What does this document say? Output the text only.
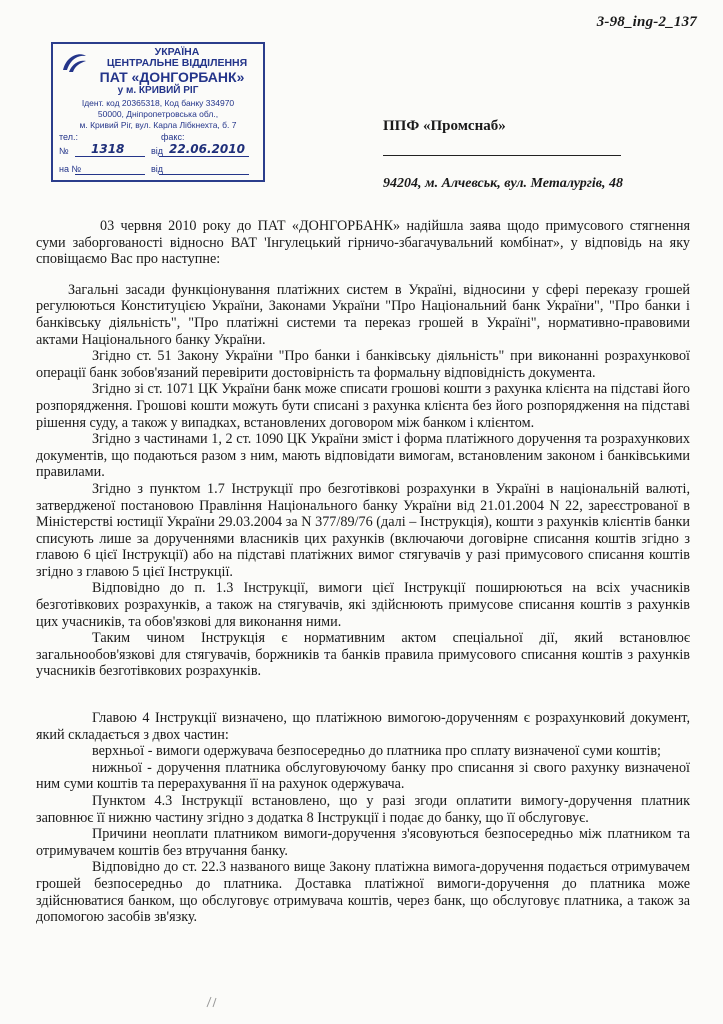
3-98_ing-2_137
УКРАЇНА
ЦЕНТРАЛЬНЕ ВІДДІЛЕННЯ
ПАТ «ДОНГОРБАНК»
у м. КРИВИЙ РІГ
Ідент. код 20365318, Код банку 334970
50000, Дніпропетровська обл.,
м. Кривий Ріг, вул. Карла Лібкнехта, б. 7
тел.:	факс:
№ 1318	від 22.06.2010
на №	від
ППФ «Промснаб»
94204, м. Алчевськ, вул. Металургів, 48

03 червня 2010 року до ПАТ «ДОНГОРБАНК» надійшла заява щодо примусового стягнення суми заборгованості відносно ВАТ 'Інгулецький гірничо-збагачувальний комбінат», у відповідь на яку сповіщаємо Вас про наступне:

Загальні засади функціонування платіжних систем в Україні, відносини у сфері переказу грошей регулюються Конституцією України, Законами України "Про Національний банк України", "Про банки і банківську діяльність", "Про платіжні системи та переказ грошей в Україні", нормативно-правовими актами Національного банку України.

Згідно ст. 51 Закону України "Про банки і банківську діяльність" при виконанні розрахункової операції банк зобов'язаний перевірити достовірність та формальну відповідність документа.

Згідно зі ст. 1071 ЦК України банк може списати грошові кошти з рахунка клієнта на підставі його розпорядження. Грошові кошти можуть бути списані з рахунка клієнта без його розпорядження на підставі рішення суду, а також у випадках, встановлених договором між банком і клієнтом.

Згідно з частинами 1, 2 ст. 1090 ЦК України зміст і форма платіжного доручення та розрахункових документів, що подаються разом з ним, мають відповідати вимогам, встановленим законом і банківськими правилами.

Згідно з пунктом 1.7 Інструкції про безготівкові розрахунки в Україні в національній валюті, затвердженої постановою Правління Національного банку України від 21.01.2004 N 22, зареєстрованої в Міністерстві юстиції України 29.03.2004 за N 377/89/76 (далі – Інструкція), кошти з рахунків клієнтів банки списують лише за дорученнями власників цих рахунків (включаючи договірне списання коштів згідно з главою 6 цієї Інструкції) або на підставі платіжних вимог стягувачів у разі примусового списання коштів згідно з главою 5 цієї Інструкції.

Відповідно до п. 1.3 Інструкції, вимоги цієї Інструкції поширюються на всіх учасників безготівкових розрахунків, а також на стягувачів, які здійснюють примусове списання коштів з рахунків цих учасників, та обов'язкові для виконання ними.

Таким чином Інструкція є нормативним актом спеціальної дії, який встановлює загальнообов'язкові для стягувачів, боржників та банків правила примусового списання коштів з рахунків учасників безготівкових розрахунків.

Главою 4 Інструкції визначено, що платіжною вимогою-дорученням є розрахунковий документ, який складається з двох частин:

верхньої - вимоги одержувача безпосередньо до платника про сплату визначеної суми коштів;

нижньої - доручення платника обслуговуючому банку про списання зі свого рахунку визначеної ним суми коштів та перерахування її на рахунок одержувача.

Пунктом 4.3 Інструкції встановлено, що у разі згоди оплатити вимогу-доручення платник заповнює її нижню частину згідно з додатка 8 Інструкції і подає до банку, що її обслуговує.

Причини неоплати платником вимоги-доручення з'ясовуються безпосередньо між платником та отримувачем коштів без втручання банку.

Відповідно до ст. 22.3 названого вище Закону платіжна вимога-доручення подається отримувачем грошей безпосередньо до платника. Доставка платіжної вимоги-доручення до платника може здійснюватися банком, що обслуговує отримувача коштів, через банк, що обслуговує платника, а також за допомогою засобів зв'язку.
